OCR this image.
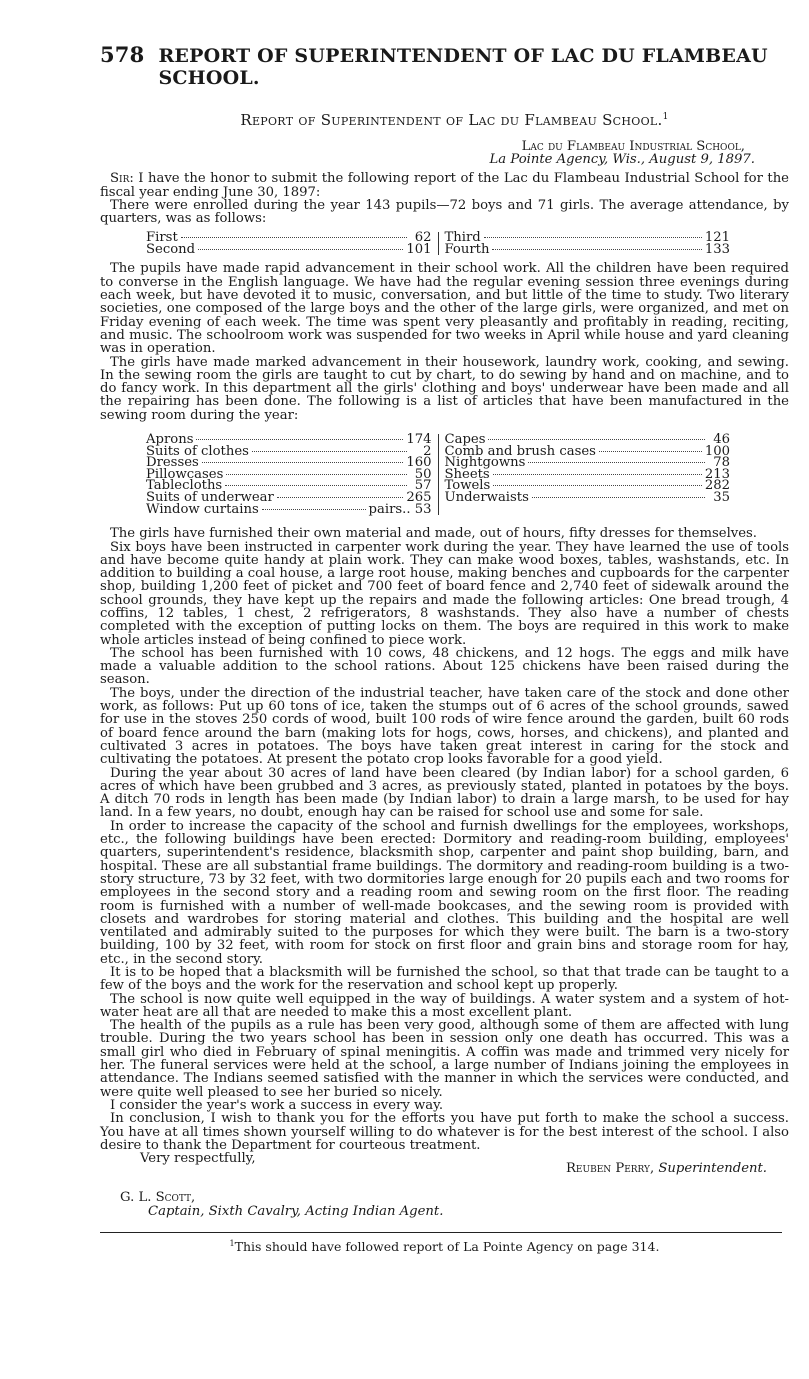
578 REPORT OF SUPERINTENDENT OF LAC DU FLAMBEAU SCHOOL.
Report of Superintendent of Lac du Flambeau School.$^1$
Lac du Flambeau Industrial School,
La Pointe Agency, Wis., August 9, 1897.

Sir: I have the honor to submit the following report of the Lac du Flambeau Industrial School for the fiscal year ending June 30, 1897:

There were enrolled during the year 143 pupils—72 boys and 71 girls. The average attendance, by quarters, was as follows:

First	62
Second	101
Third	121
Fourth	133

The pupils have made rapid advancement in their school work. All the children have been required to converse in the English language. We have had the regular evening session three evenings during each week, but have devoted it to music, conversation, and but little of the time to study. Two literary societies, one composed of the large boys and the other of the large girls, were organized, and met on Friday evening of each week. The time was spent very pleasantly and profitably in reading, reciting, and music. The schoolroom work was suspended for two weeks in April while house and yard cleaning was in operation.

The girls have made marked advancement in their housework, laundry work, cooking, and sewing. In the sewing room the girls are taught to cut by chart, to do sewing by hand and on machine, and to do fancy work. In this department all the girls' clothing and boys' underwear have been made and all the repairing has been done. The following is a list of articles that have been manufactured in the sewing room during the year:

Aprons	174
Suits of clothes	2
Dresses	160
Pillowcases	50
Tablecloths	57
Suits of underwear	265
Window curtains	pairs.. 53
Capes	46
Comb and brush cases	100
Nightgowns	78
Sheets	213
Towels	282
Underwaists	35

The girls have furnished their own material and made, out of hours, fifty dresses for themselves.

Six boys have been instructed in carpenter work during the year. They have learned the use of tools and have become quite handy at plain work. They can make wood boxes, tables, washstands, etc. In addition to building a coal house, a large root house, making benches and cupboards for the carpenter shop, building 1,200 feet of picket and 700 feet of board fence and 2,740 feet of sidewalk around the school grounds, they have kept up the repairs and made the following articles: One bread trough, 4 coffins, 12 tables, 1 chest, 2 refrigerators, 8 washstands. They also have a number of chests completed with the exception of putting locks on them. The boys are required in this work to make whole articles instead of being confined to piece work.

The school has been furnished with 10 cows, 48 chickens, and 12 hogs. The eggs and milk have made a valuable addition to the school rations. About 125 chickens have been raised during the season.

The boys, under the direction of the industrial teacher, have taken care of the stock and done other work, as follows: Put up 60 tons of ice, taken the stumps out of 6 acres of the school grounds, sawed for use in the stoves 250 cords of wood, built 100 rods of wire fence around the garden, built 60 rods of board fence around the barn (making lots for hogs, cows, horses, and chickens), and planted and cultivated 3 acres in potatoes. The boys have taken great interest in caring for the stock and cultivating the potatoes. At present the potato crop looks favorable for a good yield.

During the year about 30 acres of land have been cleared (by Indian labor) for a school garden, 6 acres of which have been grubbed and 3 acres, as previously stated, planted in potatoes by the boys. A ditch 70 rods in length has been made (by Indian labor) to drain a large marsh, to be used for hay land. In a few years, no doubt, enough hay can be raised for school use and some for sale.

In order to increase the capacity of the school and furnish dwellings for the employees, workshops, etc., the following buildings have been erected: Dormitory and reading-room building, employees' quarters, superintendent's residence, blacksmith shop, carpenter and paint shop building, barn, and hospital. These are all substantial frame buildings. The dormitory and reading-room building is a two-story structure, 73 by 32 feet, with two dormitories large enough for 20 pupils each and two rooms for employees in the second story and a reading room and sewing room on the first floor. The reading room is furnished with a number of well-made bookcases, and the sewing room is provided with closets and wardrobes for storing material and clothes. This building and the hospital are well ventilated and admirably suited to the purposes for which they were built. The barn is a two-story building, 100 by 32 feet, with room for stock on first floor and grain bins and storage room for hay, etc., in the second story.

It is to be hoped that a blacksmith will be furnished the school, so that that trade can be taught to a few of the boys and the work for the reservation and school kept up properly.

The school is now quite well equipped in the way of buildings. A water system and a system of hot-water heat are all that are needed to make this a most excellent plant.

The health of the pupils as a rule has been very good, although some of them are affected with lung trouble. During the two years school has been in session only one death has occurred. This was a small girl who died in February of spinal meningitis. A coffin was made and trimmed very nicely for her. The funeral services were held at the school, a large number of Indians joining the employees in attendance. The Indians seemed satisfied with the manner in which the services were conducted, and were quite well pleased to see her buried so nicely.

I consider the year's work a success in every way.

In conclusion, I wish to thank you for the efforts you have put forth to make the school a success. You have at all times shown yourself willing to do whatever is for the best interest of the school. I also desire to thank the Department for courteous treatment.

Very respectfully,
Reuben Perry, Superintendent.
G. L. Scott,
Captain, Sixth Cavalry, Acting Indian Agent.
$^1$This should have followed report of La Pointe Agency on page 314.
